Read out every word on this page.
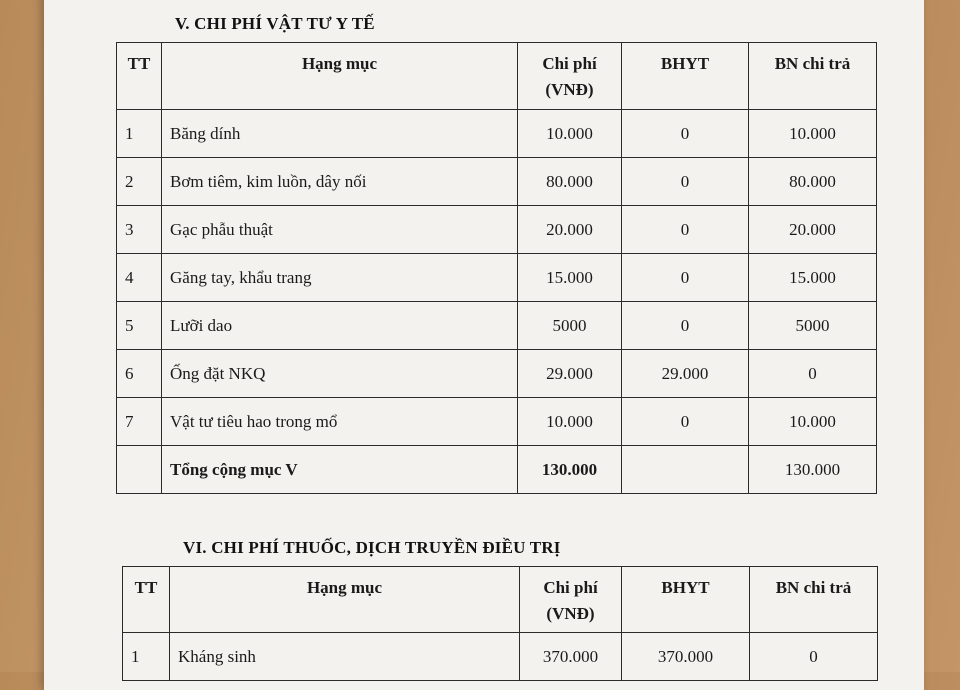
V. CHI PHÍ VẬT TƯ Y TẾ
TT	Hạng mục	Chi phí (VNĐ)	BHYT	BN chi trả
1	Băng dính	10.000	0	10.000
2	Bơm tiêm, kim luồn, dây nối	80.000	0	80.000
3	Gạc phẫu thuật	20.000	0	20.000
4	Găng tay, khẩu trang	15.000	0	15.000
5	Lưỡi dao	5000	0	5000
6	Ống đặt NKQ	29.000	29.000	0
7	Vật tư tiêu hao trong mổ	10.000	0	10.000
	Tổng cộng mục V	130.000		130.000
VI. CHI PHÍ THUỐC, DỊCH TRUYỀN ĐIỀU TRỊ
TT	Hạng mục	Chi phí (VNĐ)	BHYT	BN chi trả
1	Kháng sinh	370.000	370.000	0
